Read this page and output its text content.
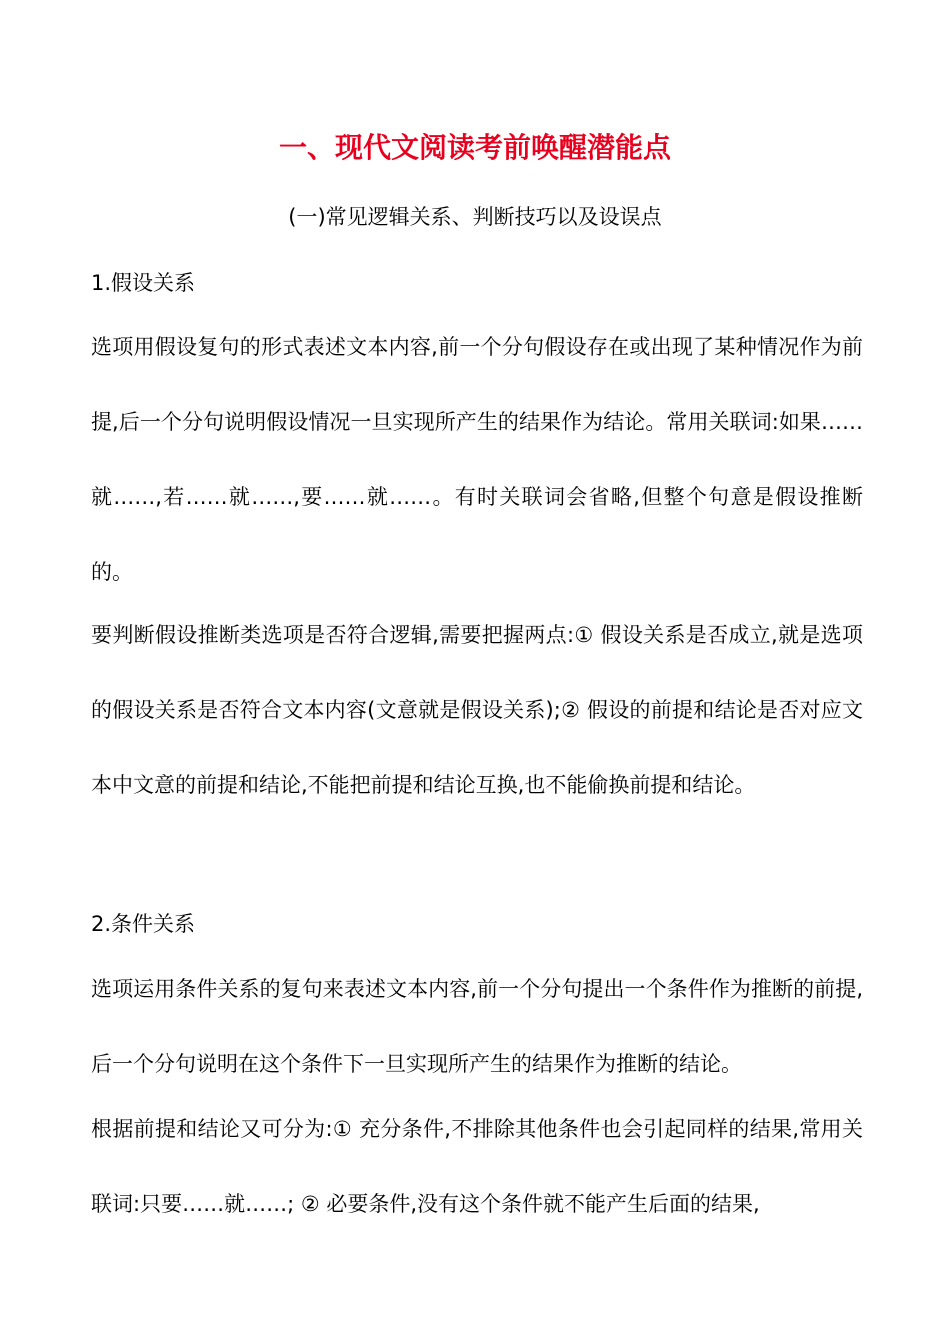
一、现代文阅读考前唤醒潜能点
(一)常见逻辑关系、判断技巧以及设误点
1.假设关系

选项用假设复句的形式表述文本内容,前一个分句假设存在或出现了某种情况作为前提,后一个分句说明假设情况一旦实现所产生的结果作为结论。常用关联词:如果……就……,若……就……,要……就……。有时关联词会省略,但整个句意是假设推断的。

要判断假设推断类选项是否符合逻辑,需要把握两点:① 假设关系是否成立,就是选项的假设关系是否符合文本内容(文意就是假设关系);② 假设的前提和结论是否对应文本中文意的前提和结论,不能把前提和结论互换,也不能偷换前提和结论。

2.条件关系

选项运用条件关系的复句来表述文本内容,前一个分句提出一个条件作为推断的前提,后一个分句说明在这个条件下一旦实现所产生的结果作为推断的结论。

根据前提和结论又可分为:① 充分条件,不排除其他条件也会引起同样的结果,常用关联词:只要……就……; ② 必要条件,没有这个条件就不能产生后面的结果,
